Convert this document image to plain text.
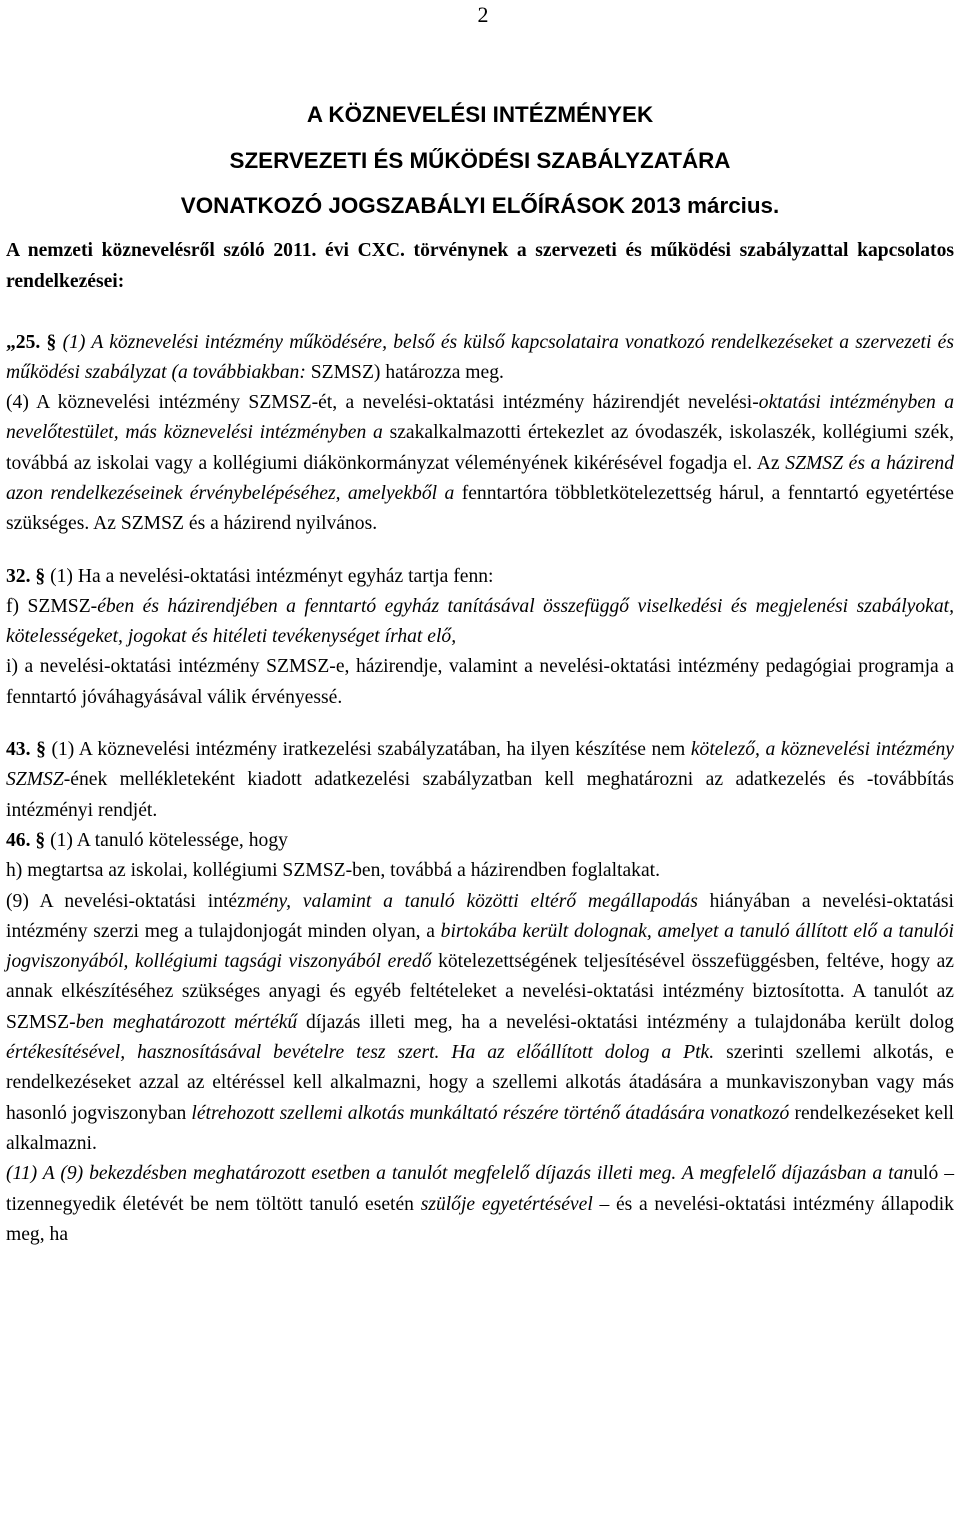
2
A KÖZNEVELÉSI INTÉZMÉNYEK
SZERVEZETI ÉS MŰKÖDÉSI SZABÁLYZATÁRA
VONATKOZÓ JOGSZABÁLYI ELŐÍRÁSOK 2013 március.

A nemzeti köznevelésről szóló 2011. évi CXC. törvénynek a szervezeti és működési szabályzattal kapcsolatos rendelkezései:

„25. § (1) A köznevelési intézmény működésére, belső és külső kapcsolataira vonatkozó rendelkezéseket a szervezeti és működési szabályzat (a továbbiakban: SZMSZ) határozza meg.

(4) A köznevelési intézmény SZMSZ-ét, a nevelési-oktatási intézmény házirendjét nevelési-oktatási intézményben a nevelőtestület, más köznevelési intézményben a szakalkalmazotti értekezlet az óvodaszék, iskolaszék, kollégiumi szék, továbbá az iskolai vagy a kollégiumi diákönkormányzat véleményének kikérésével fogadja el. Az SZMSZ és a házirend azon rendelkezéseinek érvénybelépéséhez, amelyekből a fenntartóra többletkötelezettség hárul, a fenntartó egyetértése szükséges. Az SZMSZ és a házirend nyilvános.

32. § (1) Ha a nevelési-oktatási intézményt egyház tartja fenn:

f) SZMSZ-ében és házirendjében a fenntartó egyház tanításával összefüggő viselkedési és megjelenési szabályokat, kötelességeket, jogokat és hitéleti tevékenységet írhat elő,

i) a nevelési-oktatási intézmény SZMSZ-e, házirendje, valamint a nevelési-oktatási intézmény pedagógiai programja a fenntartó jóváhagyásával válik érvényessé.

43. § (1) A köznevelési intézmény iratkezelési szabályzatában, ha ilyen készítése nem kötelező, a köznevelési intézmény SZMSZ-ének mellékleteként kiadott adatkezelési szabályzatban kell meghatározni az adatkezelés és -továbbítás intézményi rendjét.

46. § (1) A tanuló kötelessége, hogy

h) megtartsa az iskolai, kollégiumi SZMSZ-ben, továbbá a házirendben foglaltakat.

(9) A nevelési-oktatási intézmény, valamint a tanuló közötti eltérő megállapodás hiányában a nevelési-oktatási intézmény szerzi meg a tulajdonjogát minden olyan, a birtokába került dolognak, amelyet a tanuló állított elő a tanulói jogviszonyából, kollégiumi tagsági viszonyából eredő kötelezettségének teljesítésével összefüggésben, feltéve, hogy az annak elkészítéséhez szükséges anyagi és egyéb feltételeket a nevelési-oktatási intézmény biztosította. A tanulót az SZMSZ-ben meghatározott mértékű díjazás illeti meg, ha a nevelési-oktatási intézmény a tulajdonába került dolog értékesítésével, hasznosításával bevételre tesz szert. Ha az előállított dolog a Ptk. szerinti szellemi alkotás, e rendelkezéseket azzal az eltéréssel kell alkalmazni, hogy a szellemi alkotás átadására a munkaviszonyban vagy más hasonló jogviszonyban létrehozott szellemi alkotás munkáltató részére történő átadására vonatkozó rendelkezéseket kell alkalmazni.

(11) A (9) bekezdésben meghatározott esetben a tanulót megfelelő díjazás illeti meg. A megfelelő díjazásban a tanuló – tizennegyedik életévét be nem töltött tanuló esetén szülője egyetértésével – és a nevelési-oktatási intézmény állapodik meg, ha
